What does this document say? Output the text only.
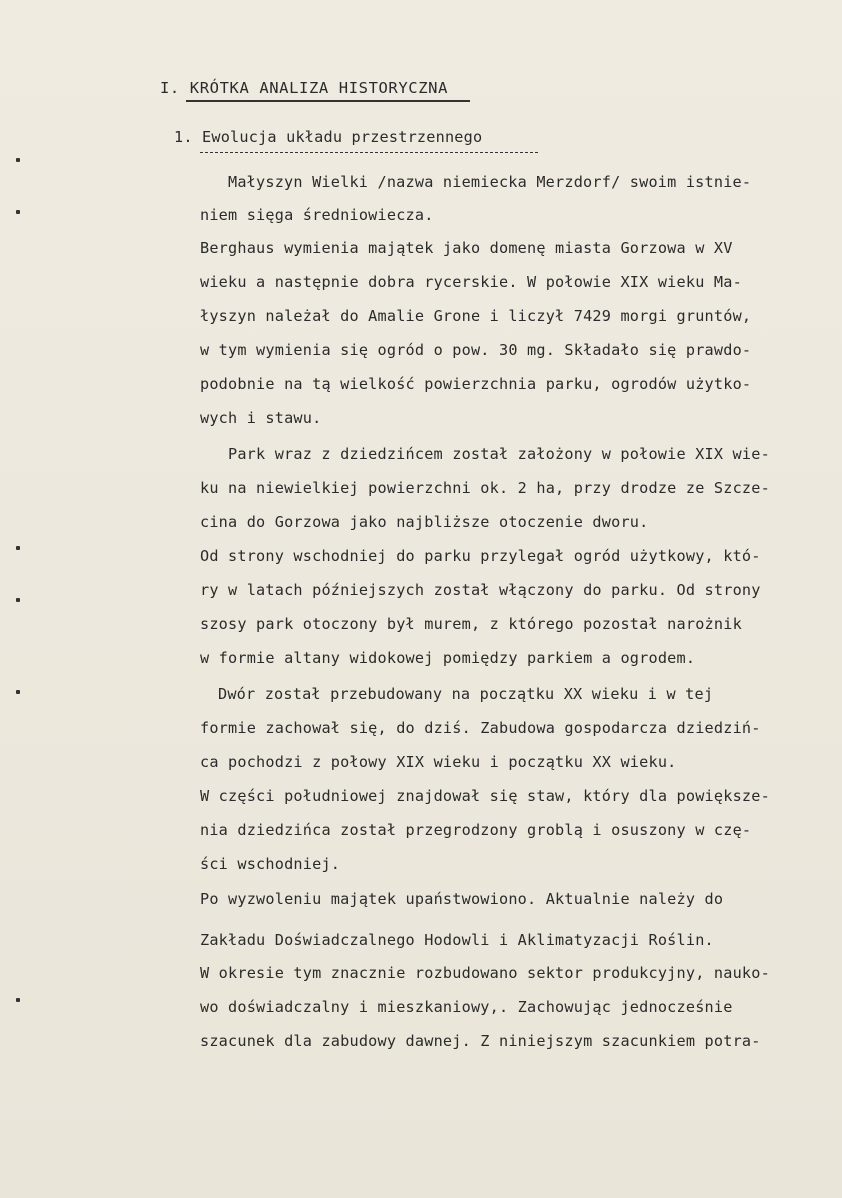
I. KRÓTKA ANALIZA HISTORYCZNA
1. Ewolucja układu przestrzennego
Małyszyn Wielki /nazwa niemiecka Merzdorf/ swoim istnie-
niem sięga średniowiecza.
Berghaus wymienia majątek jako domenę miasta Gorzowa w XV
wieku a następnie dobra rycerskie. W połowie XIX wieku Ma-
łyszyn należał do Amalie Grone i liczył 7429 morgi gruntów,
w tym wymienia się ogród o pow. 30 mg. Składało się prawdo-
podobnie na tą wielkość powierzchnia parku, ogrodów użytko-
wych i stawu.
Park wraz z dziedzińcem został założony w połowie XIX wie-
ku na niewielkiej powierzchni ok. 2 ha, przy drodze ze Szcze-
cina do Gorzowa jako najbliższe otoczenie dworu.
Od strony wschodniej do parku przylegał ogród użytkowy, któ-
ry w latach późniejszych został włączony do parku. Od strony
szosy park otoczony był murem, z którego pozostał narożnik
w formie altany widokowej pomiędzy parkiem a ogrodem.
Dwór został przebudowany na początku XX wieku i w tej
formie zachował się, do dziś. Zabudowa gospodarcza dziedziń-
ca pochodzi z połowy XIX wieku i początku XX wieku.
W części południowej znajdował się staw, który dla powiększe-
nia dziedzińca został przegrodzony groblą i osuszony w czę-
ści wschodniej.
Po wyzwoleniu majątek upaństwowiono. Aktualnie należy do
Zakładu Doświadczalnego Hodowli i Aklimatyzacji Roślin.
W okresie tym znacznie rozbudowano sektor produkcyjny, nauko-
wo doświadczalny i mieszkaniowy,. Zachowując jednocześnie
szacunek dla zabudowy dawnej. Z niniejszym szacunkiem potra-
